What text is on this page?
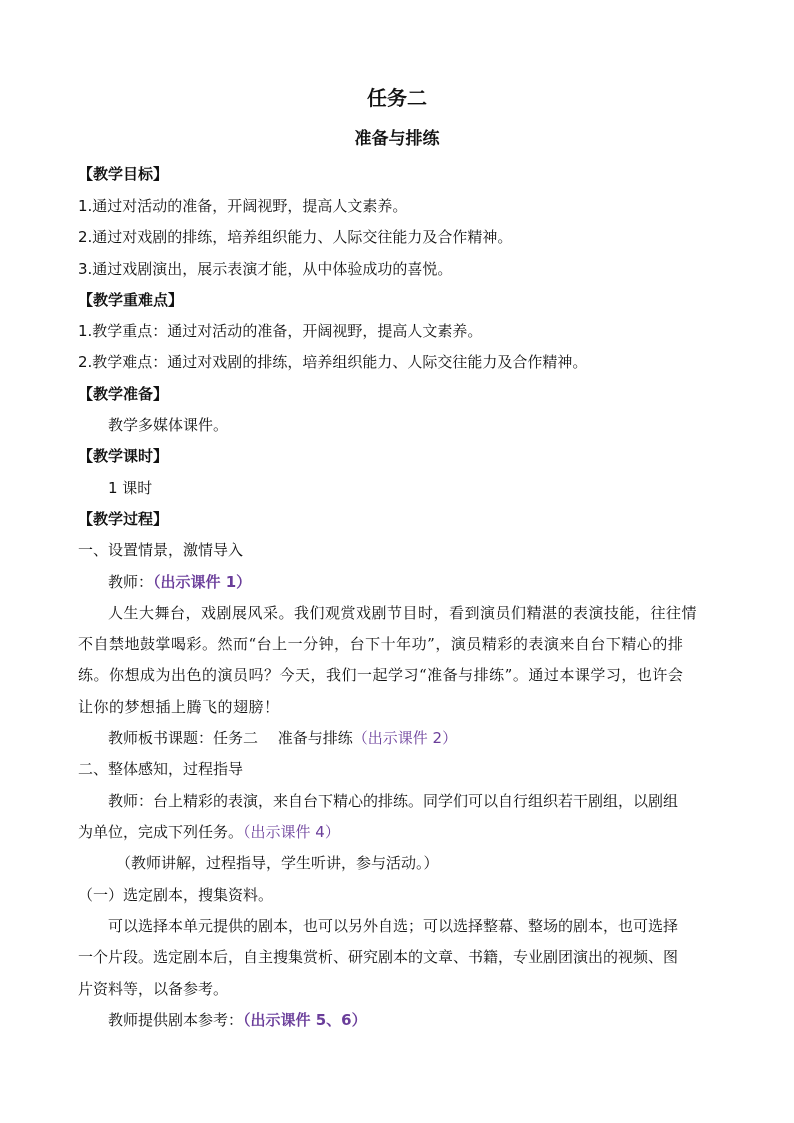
任务二
准备与排练
【教学目标】
1.通过对活动的准备，开阔视野，提高人文素养。
2.通过对戏剧的排练，培养组织能力、人际交往能力及合作精神。
3.通过戏剧演出，展示表演才能，从中体验成功的喜悦。
【教学重难点】
1.教学重点：通过对活动的准备，开阔视野，提高人文素养。
2.教学难点：通过对戏剧的排练，培养组织能力、人际交往能力及合作精神。
【教学准备】
教学多媒体课件。
【教学课时】
1 课时
【教学过程】
一、设置情景，激情导入
教师：（出示课件 1）
人生大舞台，戏剧展风采。我们观赏戏剧节目时，看到演员们精湛的表演技能，往往情
不自禁地鼓掌喝彩。然而“台上一分钟，台下十年功”，演员精彩的表演来自台下精心的排
练。你想成为出色的演员吗？今天，我们一起学习“准备与排练”。通过本课学习，也许会
让你的梦想插上腾飞的翅膀！
教师板书课题：任务二　 准备与排练（出示课件 2）
二、整体感知，过程指导
教师：台上精彩的表演，来自台下精心的排练。同学们可以自行组织若干剧组，以剧组
为单位，完成下列任务。（出示课件 4）
（教师讲解，过程指导，学生听讲，参与活动。）
（一）选定剧本，搜集资料。
可以选择本单元提供的剧本，也可以另外自选；可以选择整幕、整场的剧本，也可选择
一个片段。选定剧本后，自主搜集赏析、研究剧本的文章、书籍，专业剧团演出的视频、图
片资料等，以备参考。
教师提供剧本参考：（出示课件 5、6）
